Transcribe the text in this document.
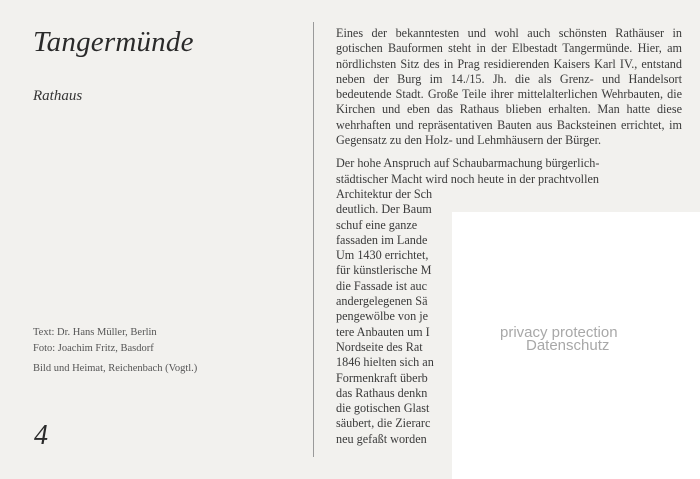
Tangermünde
Rathaus
Text: Dr. Hans Müller, Berlin
Foto: Joachim Fritz, Basdorf
Bild und Heimat, Reichenbach (Vogtl.)
4

Eines der bekanntesten und wohl auch schönsten Rathäuser in gotischen Bauformen steht in der Elbestadt Tangermünde. Hier, am nördlichsten Sitz des in Prag residierenden Kaisers Karl IV., entstand neben der Burg im 14./15. Jh. die als Grenz- und Handelsort bedeutende Stadt. Große Teile ihrer mittelalterlichen Wehrbauten, die Kirchen und eben das Rathaus blieben erhalten. Man hatte diese wehrhaften und repräsentativen Bauten aus Backsteinen errichtet, im Gegensatz zu den Holz- und Lehmhäusern der Bürger.

Der hohe Anspruch auf Schaubarmachung bürgerlich-
städtischer Macht wird noch heute in der prachtvollen
Architektur der Sch
deutlich. Der Baum
schuf eine ganze
fassaden im Lande
Um 1430 errichtet,
für künstlerische M
die Fassade ist auc
andergelegenen Sä
pengewölbe von je
tere Anbauten um I
Nordseite des Rat
1846 hielten sich an
Formenkraft überb
das Rathaus denkn
die gotischen Glast
säubert, die Zierarc
neu gefaßt worden
privacy protection
Datenschutz
